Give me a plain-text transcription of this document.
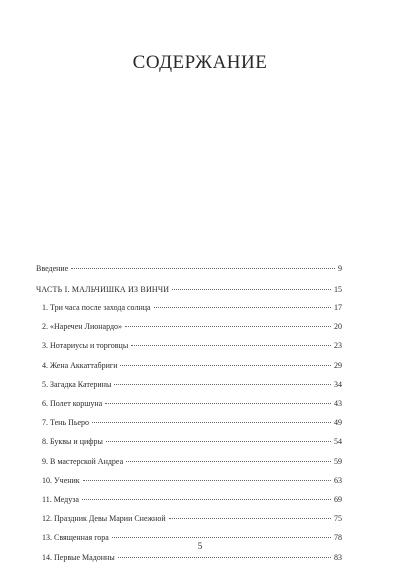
СОДЕРЖАНИЕ
Введение	9
ЧАСТЬ I. МАЛЬЧИШКА ИЗ ВИНЧИ	15
1. Три часа после захода солнца	17
2. «Наречен Лионардо»	20
3. Нотариусы и торговцы	23
4. Жена Аккаттабриги	29
5. Загадка Катерины	34
6. Полет коршуна	43
7. Тень Пьеро	49
8. Буквы и цифры	54
9. В мастерской Андреа	59
10. Ученик	63
11. Медуза	69
12. Праздник Девы Марии Снежной	75
13. Священная гора	78
14. Первые Мадонны	83
5
